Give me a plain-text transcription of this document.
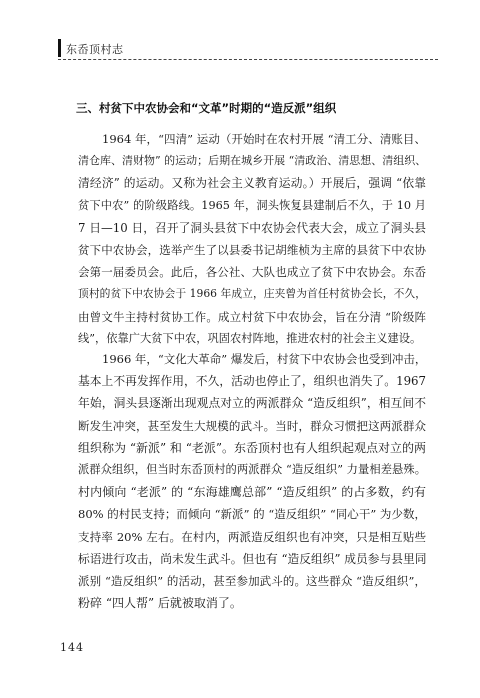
东岙顶村志
三、村贫下中农协会和“文革”时期的“造反派”组织
1964 年，“四清” 运动（开始时在农村开展 “清工分、清账目、
清仓库、清财物” 的运动；后期在城乡开展 “清政治、清思想、清组织、
清经济” 的运动。又称为社会主义教育运动。）开展后，强调 “依靠
贫下中农” 的阶级路线。1965 年，洞头恢复县建制后不久，于 10 月
7 日—10 日，召开了洞头县贫下中农协会代表大会，成立了洞头县
贫下中农协会，选举产生了以县委书记胡维桢为主席的县贫下中农协
会第一届委员会。此后，各公社、大队也成立了贫下中农协会。东岙
顶村的贫下中农协会于 1966 年成立，庄夹曾为首任村贫协会长，不久，
由曾文牛主持村贫协工作。成立村贫下中农协会，旨在分清 “阶级阵
线”，依靠广大贫下中农，巩固农村阵地，推进农村的社会主义建设。
1966 年，“文化大革命” 爆发后，村贫下中农协会也受到冲击，
基本上不再发挥作用，不久，活动也停止了，组织也消失了。1967
年始，洞头县逐渐出现观点对立的两派群众 “造反组织”，相互间不
断发生冲突，甚至发生大规模的武斗。当时，群众习惯把这两派群众
组织称为 “新派” 和 “老派”。东岙顶村也有人组织起观点对立的两
派群众组织，但当时东岙顶村的两派群众 “造反组织” 力量相差悬殊。
村内倾向 “老派” 的 “东海雄鹰总部” “造反组织” 的占多数，约有
80% 的村民支持；而倾向 “新派” 的 “造反组织” “同心干” 为少数，
支持率 20% 左右。在村内，两派造反组织也有冲突，只是相互贴些
标语进行攻击，尚未发生武斗。但也有 “造反组织” 成员参与县里同
派别 “造反组织” 的活动，甚至参加武斗的。这些群众 “造反组织”，
粉碎 “四人帮” 后就被取消了。
144
